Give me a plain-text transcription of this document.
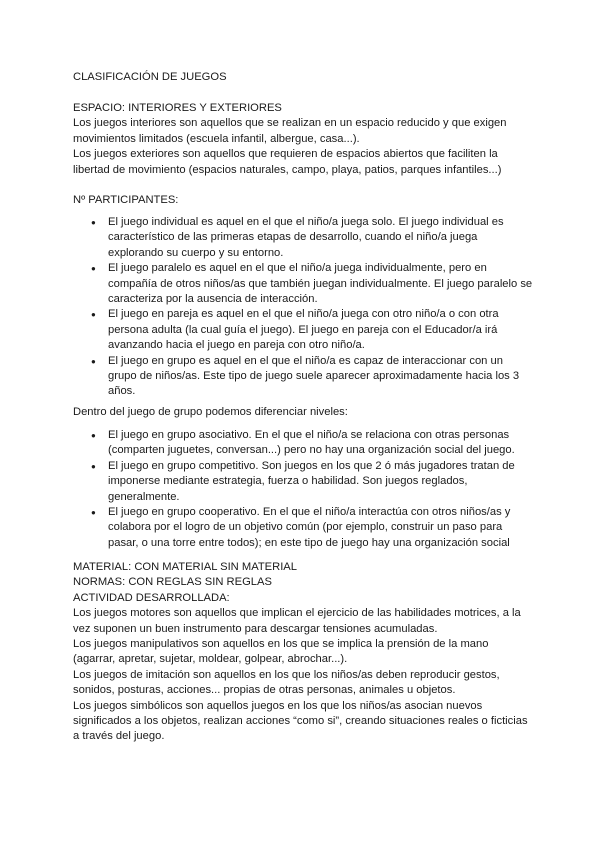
CLASIFICACIÓN DE JUEGOS

ESPACIO: INTERIORES Y EXTERIORES

Los juegos interiores son aquellos que se realizan en un espacio reducido y que exigen movimientos limitados (escuela infantil, albergue, casa...).

Los juegos exteriores son aquellos que requieren de espacios abiertos que faciliten la libertad de movimiento (espacios naturales, campo, playa, patios, parques infantiles...)

Nº PARTICIPANTES:

● El juego individual es aquel en el que el niño/a juega solo. El juego individual es característico de las primeras etapas de desarrollo, cuando el niño/a juega explorando su cuerpo y su entorno.
● El juego paralelo es aquel en el que el niño/a juega individualmente, pero en compañía de otros niños/as que también juegan individualmente. El juego paralelo se caracteriza por la ausencia de interacción.
● El juego en pareja es aquel en el que el niño/a juega con otro niño/a o con otra persona adulta (la cual guía el juego). El juego en pareja con el Educador/a irá avanzando hacia el juego en pareja con otro niño/a.
● El juego en grupo es aquel en el que el niño/a es capaz de interaccionar con un grupo de niños/as. Este tipo de juego suele aparecer aproximadamente hacia los 3 años.

Dentro del juego de grupo podemos diferenciar niveles:

● El juego en grupo asociativo. En el que el niño/a se relaciona con otras personas (comparten juguetes, conversan...) pero no hay una organización social del juego.
● El juego en grupo competitivo. Son juegos en los que 2 ó más jugadores tratan de imponerse mediante estrategia, fuerza o habilidad. Son juegos reglados, generalmente.
● El juego en grupo cooperativo. En el que el niño/a interactúa con otros niños/as y colabora por el logro de un objetivo común (por ejemplo, construir un paso para pasar, o una torre entre todos); en este tipo de juego hay una organización social

MATERIAL: CON MATERIAL SIN MATERIAL

NORMAS: CON REGLAS SIN REGLAS

ACTIVIDAD DESARROLLADA:

Los juegos motores son aquellos que implican el ejercicio de las habilidades motrices, a la vez suponen un buen instrumento para descargar tensiones acumuladas.

Los juegos manipulativos son aquellos en los que se implica la prensión de la mano (agarrar, apretar, sujetar, moldear, golpear, abrochar...).

Los juegos de imitación son aquellos en los que los niños/as deben reproducir gestos, sonidos, posturas, acciones... propias de otras personas, animales u objetos.

Los juegos simbólicos son aquellos juegos en los que los niños/as asocian nuevos significados a los objetos, realizan acciones “como si”, creando situaciones reales o ficticias a través del juego.
